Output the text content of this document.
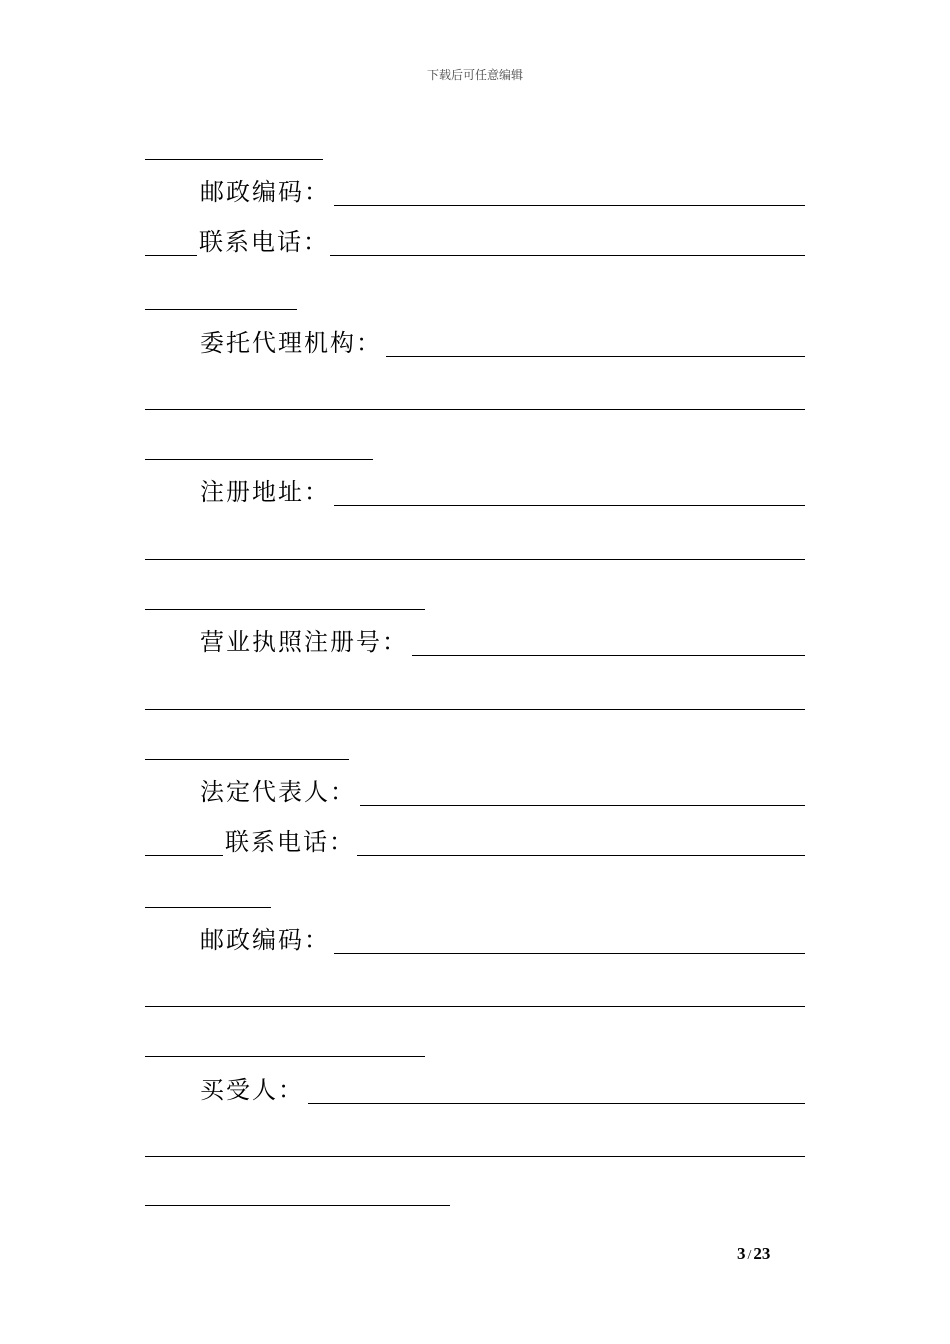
下载后可任意编辑
邮政编码：
联系电话：
委托代理机构：
注册地址：
营业执照注册号：
法定代表人：
联系电话：
邮政编码：
买受人：
3 / 23
